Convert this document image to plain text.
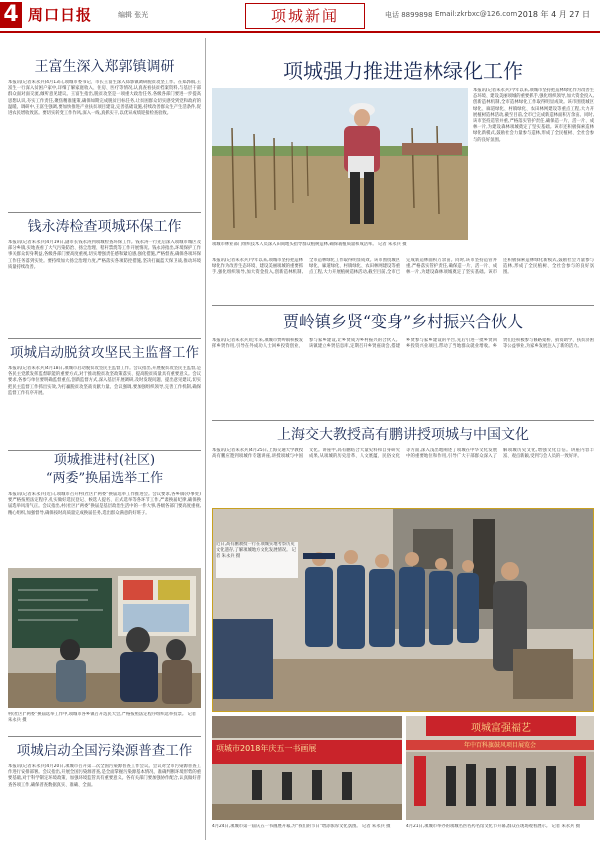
4 周口日报	编辑 张光	项城新闻	电话 8899898 Email:zkrbxc@126.com 2018 年 4 月 27 日
王富生深入郑郭镇调研
本报讯(记者朱永兵)4月13日,项城市委书记、市长王富生深入郑郭镇调研脱贫攻坚工作。在郑郭镇,王富生一行深入贫困户家中,详细了解家庭收入、住房、医疗等情况,认真查看扶贫档案资料,与基层干部群众面对面交流,倾听意见建议。王富生指出,脱贫攻坚是一项重大政治任务,各级各部门要进一步提高思想认识,夯实工作责任,聚焦精准施策,确保如期完成脱贫目标任务,让贫困群众切实感受到党和政府的温暖。调研中,王富生强调,要加快推进产业扶贫项目建设,完善基础设施,持续改善群众生产生活条件,促进农民增收致富。要切实转变工作作风,深入一线,真抓实干,以优异成绩迎接检查验收。
钱永涛检查项城环保工作
本报讯(记者朱永兵)4月19日,副市长钱永涛到项城检查环保工作。钱永涛一行先后深入项城市城区及部分乡镇,实地查看了大气污染防治、扬尘治理、秸秆禁烧等工作开展情况。钱永涛指出,环境保护工作事关群众切身利益,各级各部门要高度重视,切实增强责任感和紧迫感,强化措施,严格督查,确保各项环保工作任务落到实处。要持续加大扬尘治理力度,严格落实各项防控措施,坚决打赢蓝天保卫战,推动环境质量持续改善。
项城启动脱贫攻坚民主监督工作
本报讯(记者朱永兵)4月18日,项城市启动脱贫攻坚民主监督工作。会议指出,开展脱贫攻坚民主监督,是各民主党派发挥监督职能的重要方式,对于推动脱贫攻坚政策落实、提高脱贫质量具有重要意义。会议要求,各参与单位要明确监督重点,创新监督方式,深入基层开展调研,及时发现问题、提出意见建议,切实把民主监督工作抓出实效,为打赢脱贫攻坚战贡献力量。会议强调,要加强组织领导,完善工作机制,确保监督工作有序开展。
项城推进村(社区)
“两委”换届选举工作
本报讯(记者朱永兵)近日,项城市召开村(社区)“两委”换届选举工作推进会。会议要求,各乡镇(办事处)要严格按照法定程序,扎实做好选民登记、候选人提名、正式选举等各环节工作,严肃换届纪律,确保换届选举风清气正。会议指出,村(社区)“两委”换届是基层政治生活中的一件大事,各级各部门要高度重视,精心组织,加强督导,确保按时高质量完成换届任务,选出群众满意的好班子。
村(社区)“两委”换届选举工作中,项城市各乡镇召开选民大会,严格按照法定程序组织选举投票。 记者 朱永兵 摄
项城启动全国污染源普查工作
本报讯(记者朱永兵)4月20日,项城市召开第二次全国污染源普查工作会议。会议对全市污染源普查工作进行安排部署。会议指出,开展全国污染源普查,是全面掌握污染源基本情况、准确判断环境形势的重要基础,对于科学制定环境政策、加强环境监管具有重要意义。各有关部门要加强协作配合,认真做好普查各项工作,确保普查数据真实、准确、全面。
项城强力推进造林绿化工作
项城市林业部门组织技术人员深入田间地头指导群众植树造林,确保栽植质量和成活率。 记者 朱永兵 摄
本报讯(记者朱永兵)今年以来,项城市坚持把造林绿化作为改善生态环境、建设美丽项城的重要抓手,强化组织领导,加大资金投入,创新造林机制,全市造林绿化工作取得明显成效。该市围绕城区绿化、廊道绿化、村镇绿化、农田林网建设等重点工程,大力开展植树造林活动,截至目前,全市已完成新造林面积万余亩。同时,该市坚持造管并重,严格落实管护责任,确保造一片、活一片、成林一片,为建设森林项城奠定了坚实基础。该市还积极探索造林绿化新模式,鼓励社会力量参与造林,形成了全民植树、全社会参与的良好氛围。
本报讯(记者朱永兵)今年以来,项城市坚持把造林绿化作为改善生态环境、建设美丽项城的重要抓手,强化组织领导,加大资金投入,创新造林机制,全市造林绿化工作取得明显成效。该市围绕城区绿化、廊道绿化、村镇绿化、农田林网建设等重点工程,大力开展植树造林活动,截至目前,全市已完成新造林面积万余亩。同时,该市坚持造管并重,严格落实管护责任,确保造一片、活一片、成林一片,为建设森林项城奠定了坚实基础。该市还积极探索造林绿化新模式,鼓励社会力量参与造林,形成了全民植树、全社会参与的良好氛围。
贾岭镇乡贤“变身”乡村振兴合伙人
本报讯(记者朱永兵)近年来,项城市贾岭镇积极发挥乡贤作用,引导在外成功人士回乡投资创业、参与家乡建设,让乡贤成为乡村振兴的合伙人。该镇建立乡贤信息库,定期召开乡贤座谈会,搭建乡贤参与家乡建设的平台,先后引进一批乡贤回乡投资兴业项目,带动了当地群众就业增收。乡贤们还积极参与修路架桥、捐资助学、扶贫济困等公益事业,为家乡发展注入了新的活力。
上海交大教授高有鹏讲授项城与中国文化
本报讯(记者朱永兵)4月25日,上海交通大学教授高有鹏应邀到项城作专题讲座,讲授项城与中国文化。讲座中,高有鹏结合大量史料和自身研究成果,从项城的历史沿革、人文底蕴、民俗文化等方面,深入浅出地阐述了项城在中华文化发展中的重要地位和作用,引导广大干部群众深入了解项城历史文化,增强文化自信。讲座内容丰富、观点新颖,受到与会人员的一致好评。
近日,高有鹏教授一行在项城实地考察历史文化遗存,了解项城地方文化发展情况。 记者 朱永兵 摄
项城市2018年庆五一书画展
4月24日,项城市第一届庆五一书画展开幕,为“我们的节日”增添浓厚文化氛围。 记者 朱永兵 摄
项城富强福艺
年中百科旗鼓风项目展览会
4月21日,项城市举办的项城名医名药名馆文化节开幕,群众在现场观看展示。 记者 朱永兵 摄
